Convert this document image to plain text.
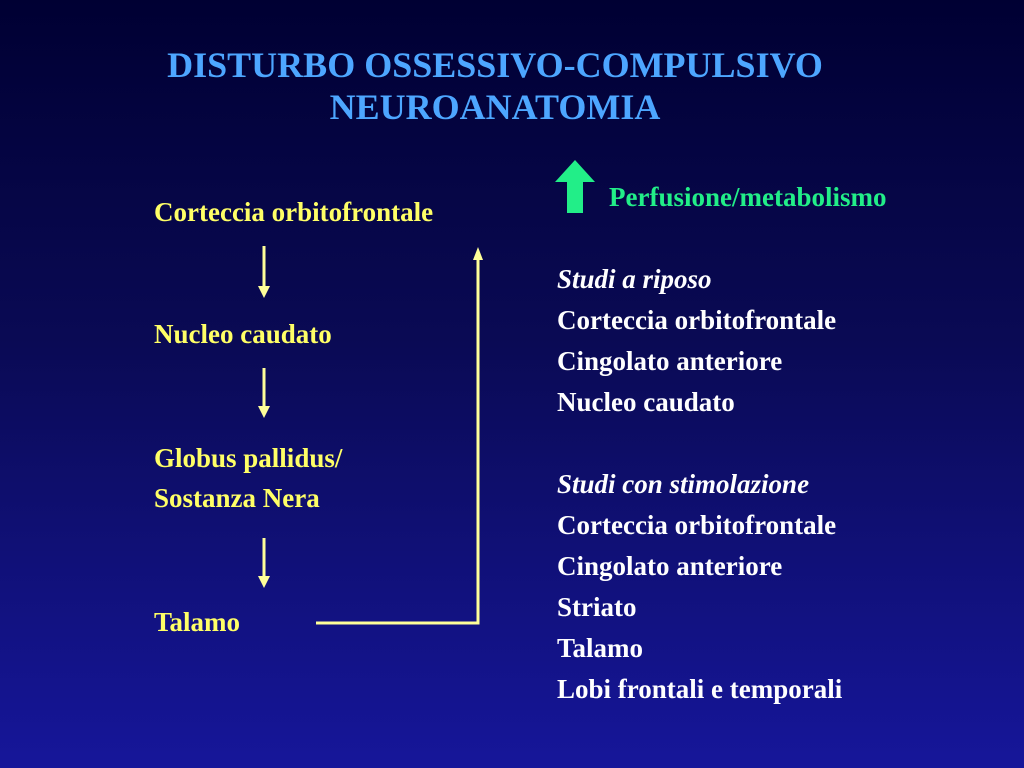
DISTURBO OSSESSIVO-COMPULSIVO
NEUROANATOMIA
Corteccia orbitofrontale
Nucleo caudato
Globus pallidus/
Sostanza Nera
Talamo
Perfusione/metabolismo
Studi a riposo
Corteccia orbitofrontale
Cingolato anteriore
Nucleo caudato
Studi con stimolazione
Corteccia orbitofrontale
Cingolato anteriore
Striato
Talamo
Lobi frontali e temporali
